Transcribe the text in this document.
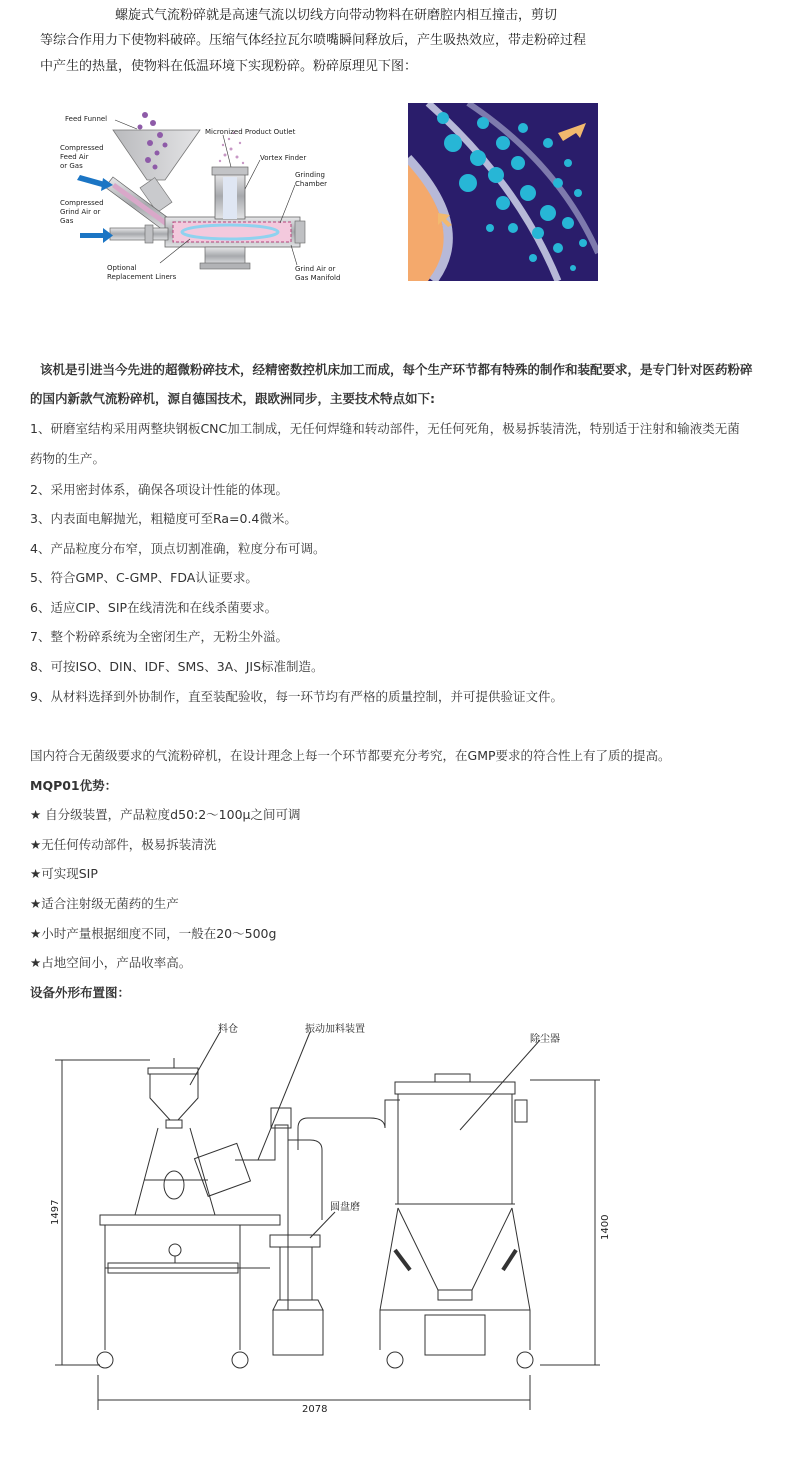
螺旋式气流粉碎就是高速气流以切线方向带动物料在研磨腔内相互撞击，剪切
等综合作用力下使物料破碎。压缩气体经拉瓦尔喷嘴瞬间释放后，产生吸热效应，带走粉碎过程
中产生的热量，使物料在低温环境下实现粉碎。粉碎原理见下图：
Feed Funnel
Compressed
Feed Air
or Gas
Compressed
Grind Air or
Gas
Micronized Product Outlet
Vortex Finder
Grinding
Chamber
Optional
Replacement Liners
Grind Air or
Gas Manifold
该机是引进当今先进的超微粉碎技术，经精密数控机床加工而成，每个生产环节都有特殊的制作和装配要求，是专门针对医药粉碎
的国内新款气流粉碎机，源自德国技术，跟欧洲同步，主要技术特点如下:
1、研磨室结构采用两整块钢板CNC加工制成，无任何焊缝和转动部件，无任何死角，极易拆装清洗，特别适于注射和输液类无菌
药物的生产。
2、采用密封体系，确保各项设计性能的体现。
3、内表面电解抛光，粗糙度可至Ra=0.4微米。
4、产品粒度分布窄，顶点切割准确，粒度分布可调。
5、符合GMP、C-GMP、FDA认证要求。
6、适应CIP、SIP在线清洗和在线杀菌要求。
7、整个粉碎系统为全密闭生产，无粉尘外溢。
8、可按ISO、DIN、IDF、SMS、3A、JIS标准制造。
9、从材料选择到外协制作，直至装配验收，每一环节均有严格的质量控制，并可提供验证文件。
国内符合无菌级要求的气流粉碎机，在设计理念上每一个环节都要充分考究，在GMP要求的符合性上有了质的提高。
MQP01优势：
★ 自分级装置，产品粒度d50:2～100μ之间可调
★无任何传动部件，极易拆装清洗
★可实现SIP
★适合注射级无菌药的生产
★小时产量根据细度不同，一般在20～500g
★占地空间小，产品收率高。
设备外形布置图：
料仓	振动加料装置
除尘器
圆盘磨
1497
1400
2078
